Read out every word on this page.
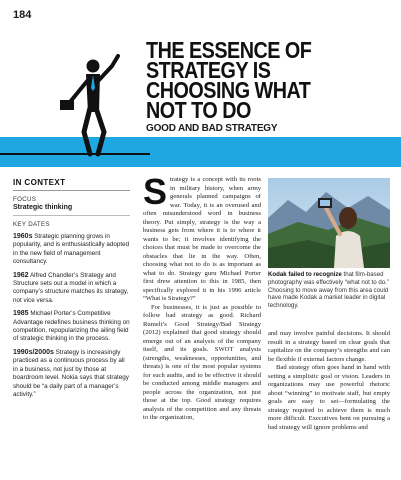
184
THE ESSENCE OF
STRATEGY IS
CHOOSING WHAT
NOT TO DO
GOOD AND BAD STRATEGY
IN CONTEXT
FOCUS
Strategic thinking
KEY DATES
1960s Strategic planning grows in popularity, and is enthusiastically adopted in the new field of management consultancy.
1962 Alfred Chandler’s Strategy and Structure sets out a model in which a company’s structure matches its strategy, not vice versa.
1985 Michael Porter’s Competitive Advantage redefines business thinking on competition, repopularizing the ailing field of strategic thinking in the process.
1990s/2000s Strategy is increasingly practiced as a continuous process by all in a business, not just by those at boardroom level. Nokia says that strategy should be “a daily part of a manager’s activity.”
S trategy is a concept with its roots in military history, when army generals planned campaigns of war. Today, it is an overused and often misunderstood word in business theory. Put simply, strategy is the way a business gets from where it is to where it wants to be; it involves identifying the choices that must be made to overcome the obstacles that lie in the way. Often, choosing what not to do is as important as what to do. Strategy guru Michael Porter first drew attention to this in 1985, then specifically explored it in his 1996 article “What is Strategy?”

For businesses, it is just as possible to follow bad strategy as good. Richard Rumelt’s Good Strategy/Bad Strategy (2012) explained that good strategy should emerge out of an analysis of the company itself, and its goals. SWOT analysis (strengths, weaknesses, opportunities, and threats) is one of the most popular systems for such audits, and to be effective it should be conducted among middle managers and people across the organization, not just those at the top. Good strategy requires analysis of the competition and any threats to the organization,

Kodak failed to recognize that film-based photography was effectively “what not to do.” Choosing to move away from this area could have made Kodak a market leader in digital technology.

and may involve painful decisions. It should result in a strategy based on clear goals that capitalize on the company’s strengths and can be flexible if external factors change.

Bad strategy often goes hand in hand with setting a simplistic goal or vision. Leaders in organizations may use powerful rhetoric about “winning” to motivate staff, but empty goals are easy to set—formulating the strategy required to achieve them is much more difficult. Executives bent on pursuing a bad strategy will ignore problems and
